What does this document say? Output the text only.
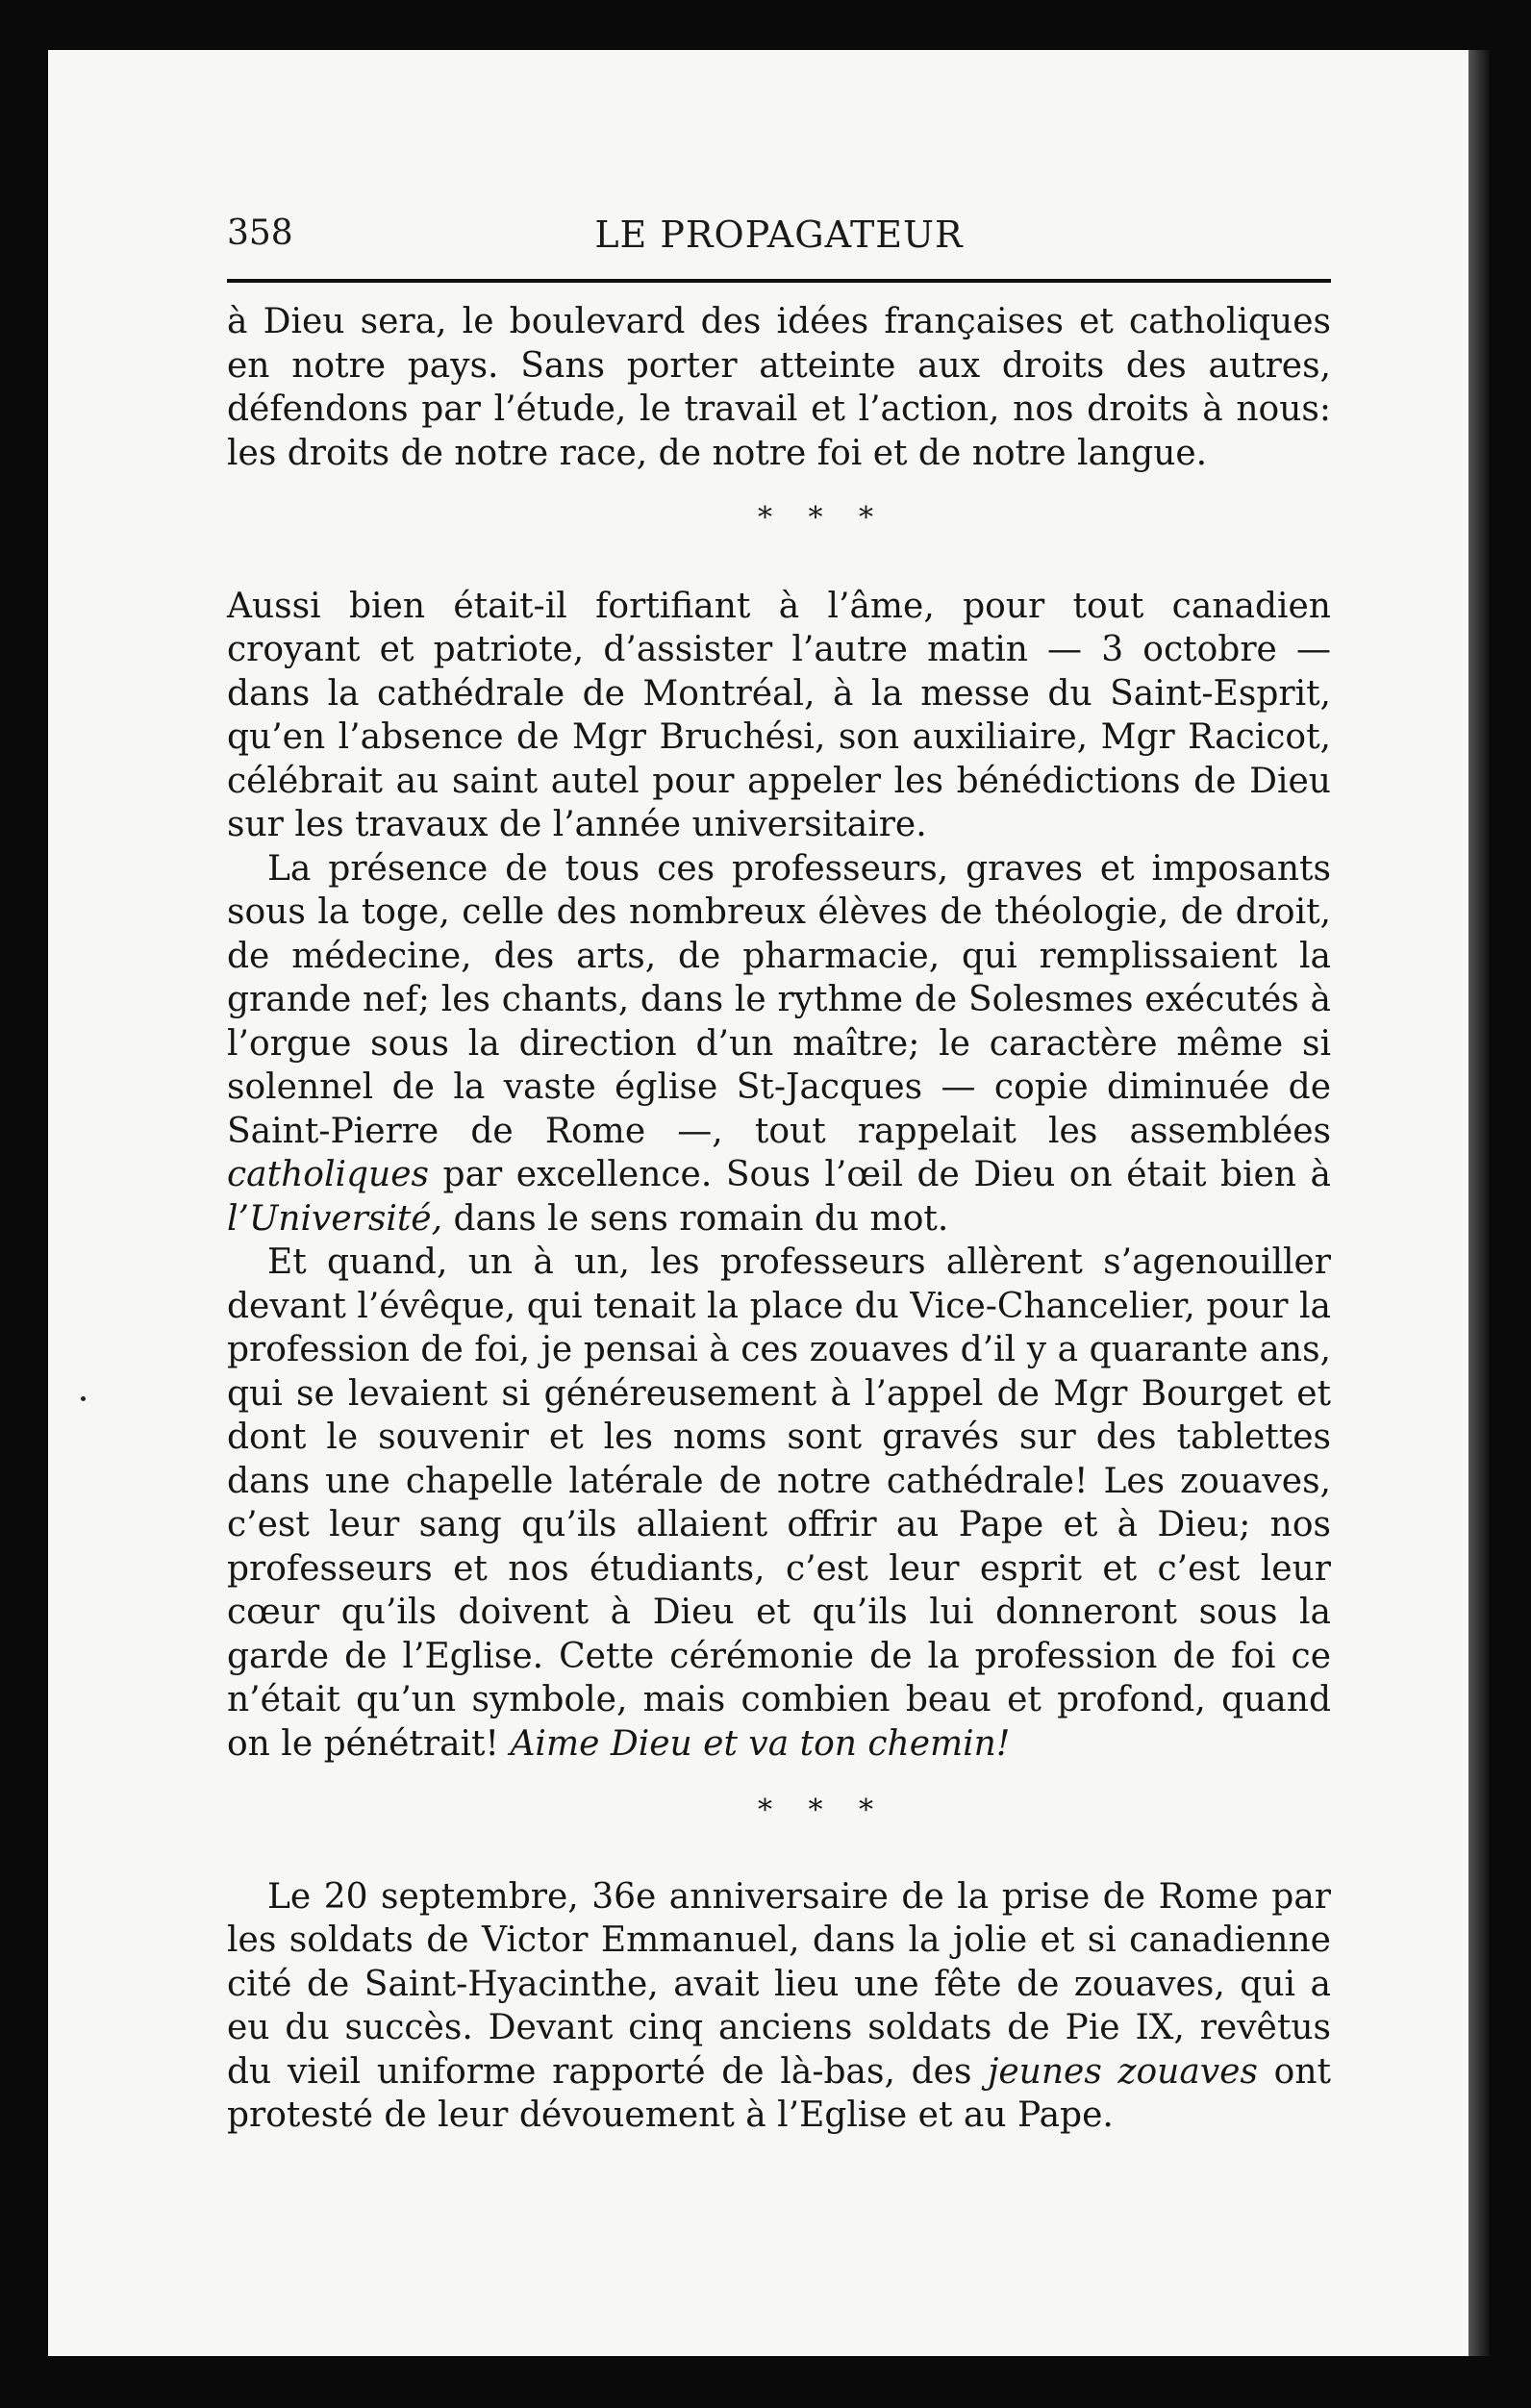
358	LE PROPAGATEUR

à Dieu sera, le boulevard des idées françaises et catholiques en notre pays. Sans porter atteinte aux droits des autres, défendons par l’étude, le travail et l’action, nos droits à nous: les droits de notre race, de notre foi et de notre langue.

* * *

Aussi bien était-il fortifiant à l’âme, pour tout canadien croyant et patriote, d’assister l’autre matin — 3 octobre — dans la cathédrale de Montréal, à la messe du Saint-Esprit, qu’en l’absence de Mgr Bruchési, son auxiliaire, Mgr Racicot, célébrait au saint autel pour appeler les bénédictions de Dieu sur les travaux de l’année universitaire.

La présence de tous ces professeurs, graves et imposants sous la toge, celle des nombreux élèves de théologie, de droit, de médecine, des arts, de pharmacie, qui remplissaient la grande nef; les chants, dans le rythme de Solesmes exécutés à l’orgue sous la direction d’un maître; le caractère même si solennel de la vaste église St-Jacques — copie diminuée de Saint-Pierre de Rome —, tout rappelait les assemblées catholiques par excellence. Sous l’œil de Dieu on était bien à l’Université, dans le sens romain du mot.

Et quand, un à un, les professeurs allèrent s’agenouiller devant l’évêque, qui tenait la place du Vice-Chancelier, pour la profession de foi, je pensai à ces zouaves d’il y a quarante ans, qui se levaient si généreusement à l’appel de Mgr Bourget et dont le souvenir et les noms sont gravés sur des tablettes dans une chapelle latérale de notre cathédrale! Les zouaves, c’est leur sang qu’ils allaient offrir au Pape et à Dieu; nos professeurs et nos étudiants, c’est leur esprit et c’est leur cœur qu’ils doivent à Dieu et qu’ils lui donneront sous la garde de l’Eglise. Cette cérémonie de la profession de foi ce n’était qu’un symbole, mais combien beau et profond, quand on le pénétrait! Aime Dieu et va ton chemin!

* * *

Le 20 septembre, 36e anniversaire de la prise de Rome par les soldats de Victor Emmanuel, dans la jolie et si canadienne cité de Saint-Hyacinthe, avait lieu une fête de zouaves, qui a eu du succès. Devant cinq anciens soldats de Pie IX, revêtus du vieil uniforme rapporté de là-bas, des jeunes zouaves ont protesté de leur dévouement à l’Eglise et au Pape.
